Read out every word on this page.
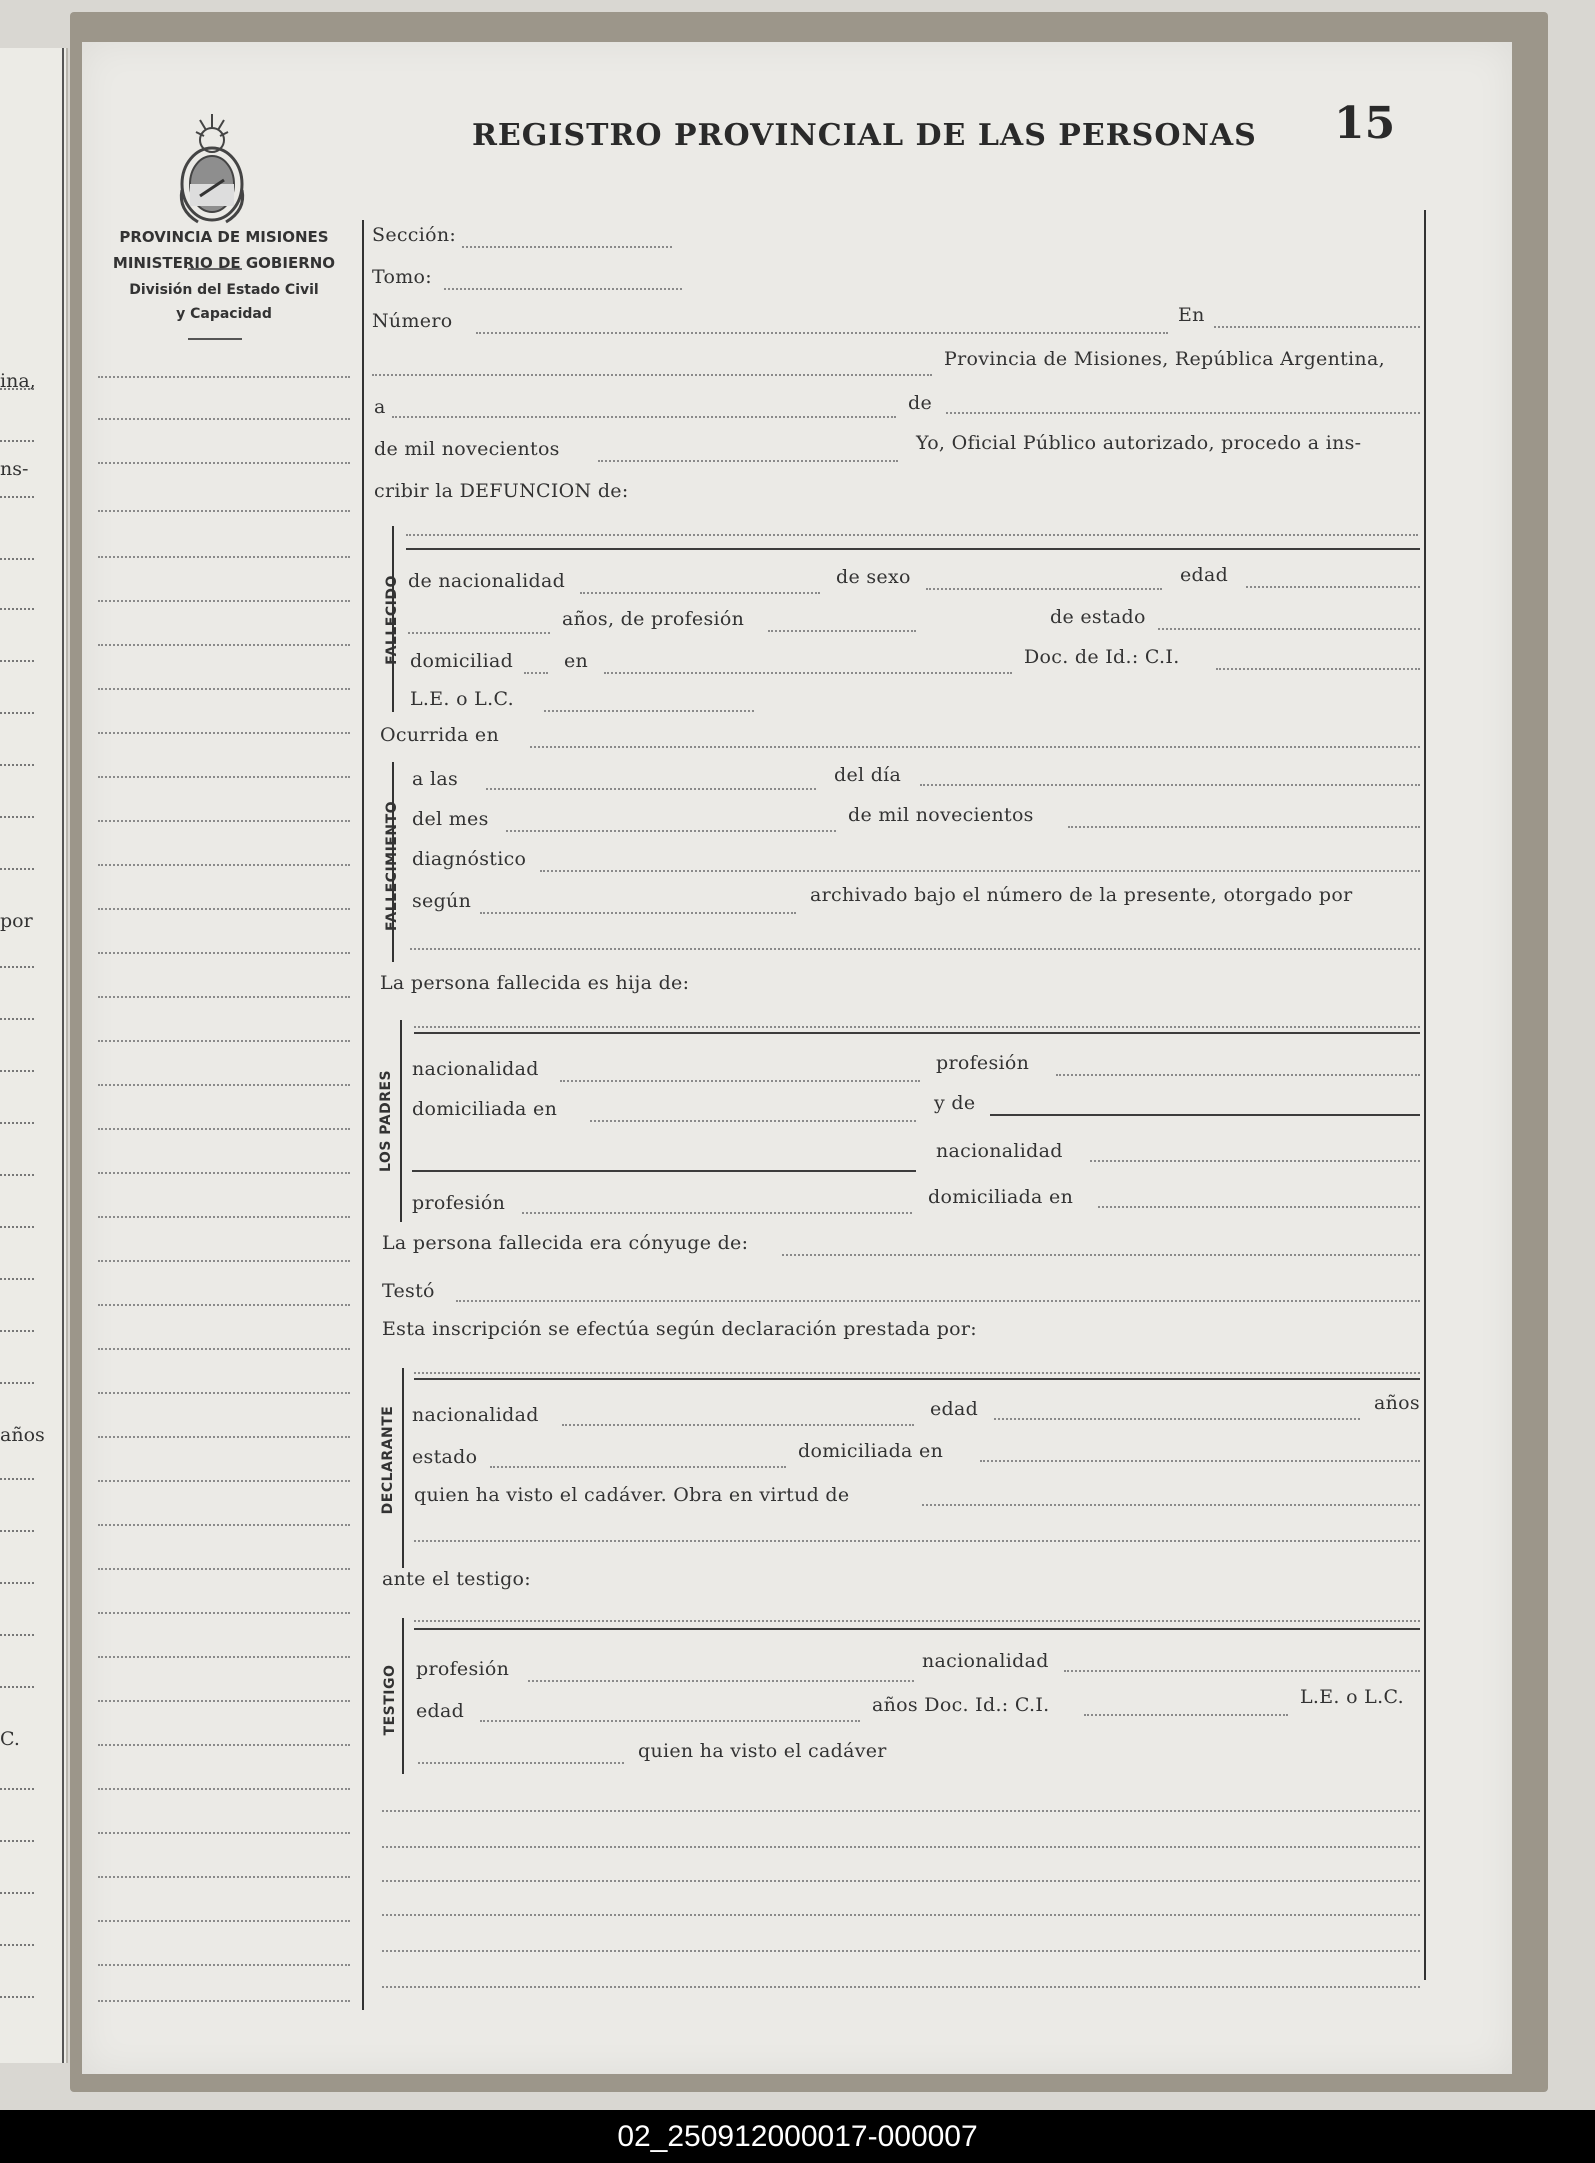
ina,
ns-
por
años
C.
PROVINCIA DE MISIONES
MINISTERIO DE GOBIERNO
División del Estado Civil
y Capacidad
REGISTRO PROVINCIAL DE LAS PERSONAS 15
Sección:
Tomo:
Número	En
Provincia de Misiones, República Argentina,
a	de
de mil novecientos	Yo, Oficial Público autorizado, procedo a ins-
cribir la DEFUNCION de:
FALLECIDO de nacionalidad	de sexo	edad
años, de profesión	de estado
domiciliad	en	Doc. de Id.: C.I.
L.E. o L.C.
Ocurrida en
FALLECIMIENTO
a las	del día
del mes	de mil novecientos
diagnóstico
según	archivado bajo el número de la presente, otorgado por
La persona fallecida es hija de:
LOS PADRES
nacionalidad	profesión
domiciliada en	y de
nacionalidad
profesión	domiciliada en
La persona fallecida era cónyuge de:
Testó
Esta inscripción se efectúa según declaración prestada por:
DECLARANTE nacionalidad	edad	años
estado	domiciliada en
quien ha visto el cadáver. Obra en virtud de
ante el testigo:
TESTIGO profesión	nacionalidad
edad	años Doc. Id.: C.I.	L.E. o L.C.
quien ha visto el cadáver
02_250912000017-000007
